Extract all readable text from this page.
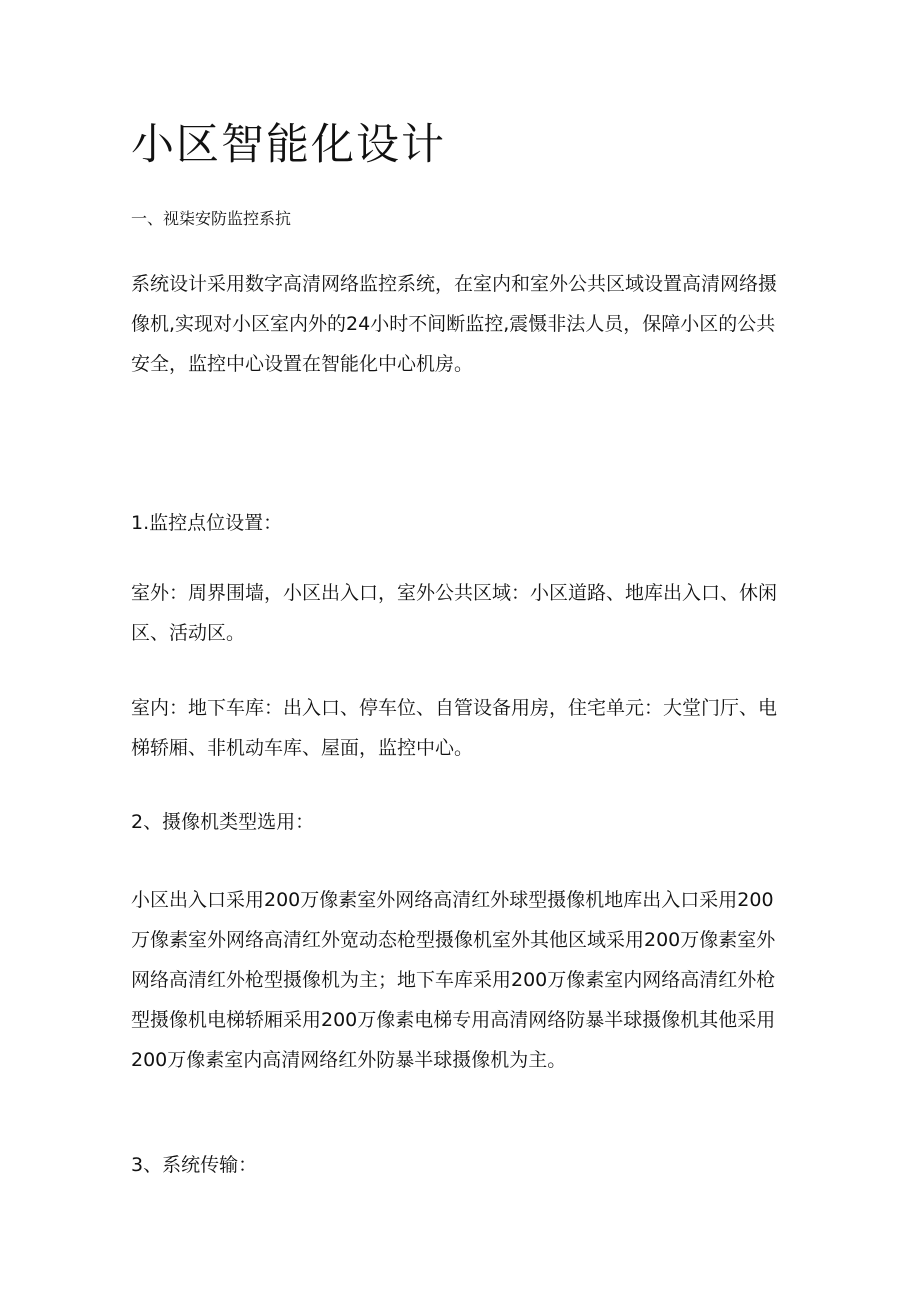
小区智能化设计

一、视柒安防监控系抗

系统设计采用数字高清网络监控系统，在室内和室外公共区域设置高清网络摄像机,实现对小区室内外的24小时不间断监控,震慑非法人员，保障小区的公共安全，监控中心设置在智能化中心机房。

1.监控点位设置：

室外：周界围墙，小区出入口，室外公共区域：小区道路、地库出入口、休闲区、活动区。

室内：地下车库：出入口、停车位、自管设备用房，住宅单元：大堂门厅、电梯轿厢、非机动车库、屋面，监控中心。

2、摄像机类型选用：

小区出入口采用200万像素室外网络高清红外球型摄像机地库出入口采用200万像素室外网络高清红外宽动态枪型摄像机室外其他区域采用200万像素室外网络高清红外枪型摄像机为主；地下车库采用200万像素室内网络高清红外枪型摄像机电梯轿厢采用200万像素电梯专用高清网络防暴半球摄像机其他采用200万像素室内高清网络红外防暴半球摄像机为主。

3、系统传输：
